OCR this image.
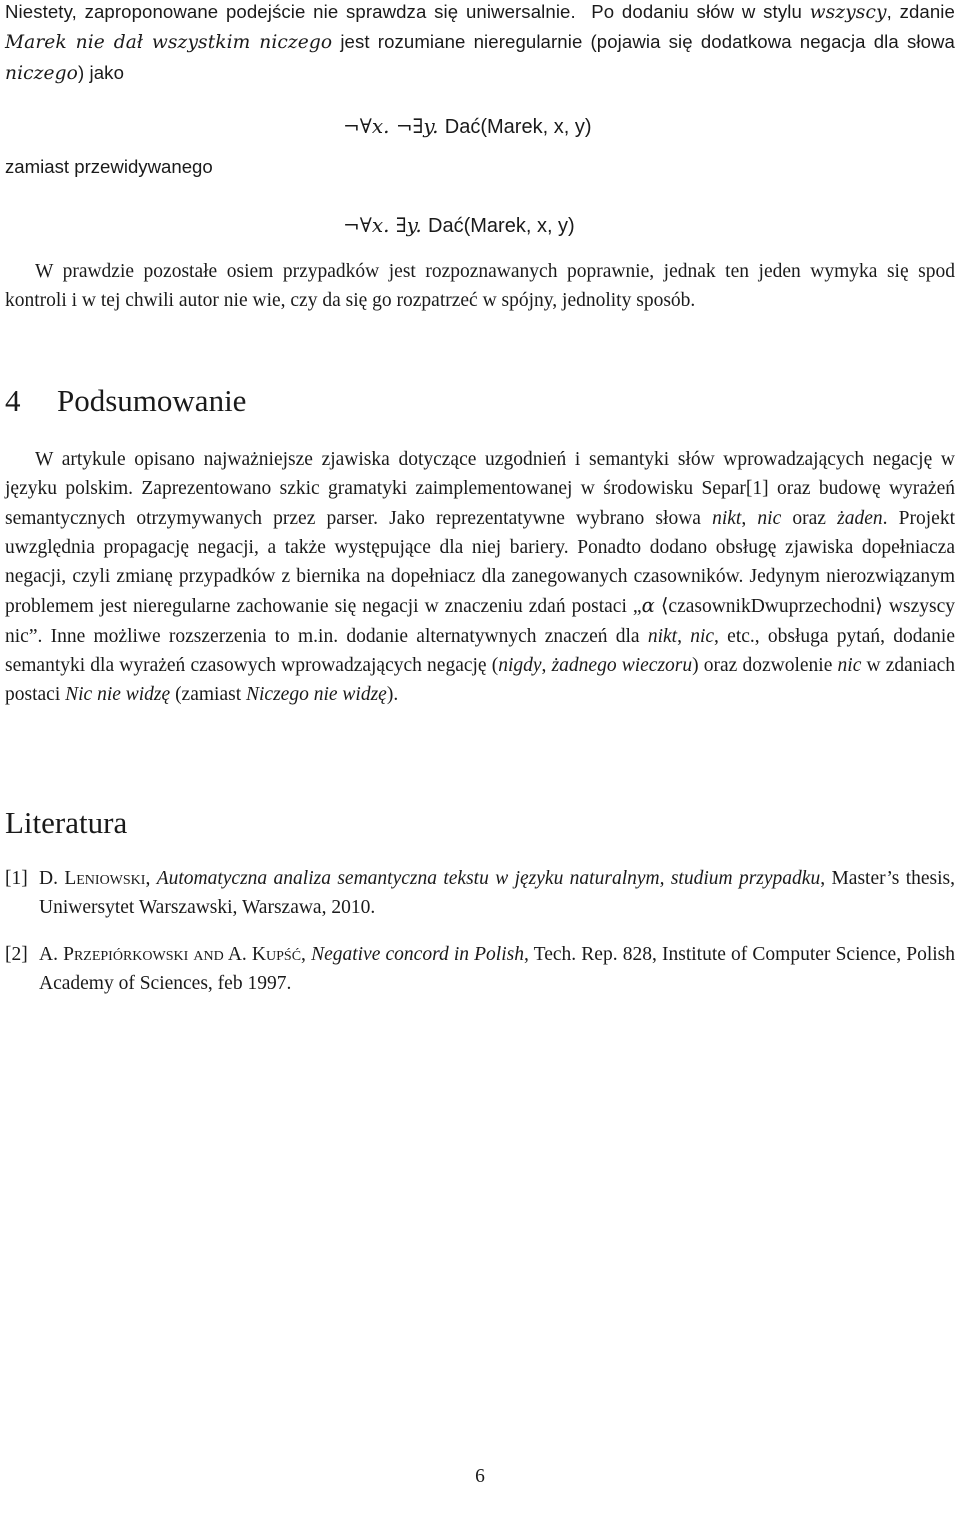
Niestety, zaproponowane podejście nie sprawdza się uniwersalnie. Po dodaniu słów w stylu wszyscy, zdanie Marek nie dał wszystkim niczego jest rozumiane nieregularnie (pojawia się dodatkowa negacja dla słowa niczego) jako

¬∀x. ¬∃y. Dać(Marek, x, y)
zamiast przewidywanego
¬∀x. ∃y. Dać(Marek, x, y)

W prawdzie pozostałe osiem przypadków jest rozpoznawanych poprawnie, jednak ten jeden wymyka się spod kontroli i w tej chwili autor nie wie, czy da się go rozpatrzeć w spójny, jednolity sposób.

4 Podsumowanie

W artykule opisano najważniejsze zjawiska dotyczące uzgodnień i semantyki słów wprowadzających negację w języku polskim. Zaprezentowano szkic gramatyki zaimplementowanej w środowisku Separ[1] oraz budowę wyrażeń semantycznych otrzymywanych przez parser. Jako reprezentatywne wybrano słowa nikt, nic oraz żaden. Projekt uwzględnia propagację negacji, a także występujące dla niej bariery. Ponadto dodano obsługę zjawiska dopełniacza negacji, czyli zmianę przypadków z biernika na dopełniacz dla zanegowanych czasowników. Jedynym nierozwiązanym problemem jest nieregularne zachowanie się negacji w znaczeniu zdań postaci „α ⟨czasownikDwuprzechodni⟩ wszyscy nic”. Inne możliwe rozszerzenia to m.in. dodanie alternatywnych znaczeń dla nikt, nic, etc., obsługa pytań, dodanie semantyki dla wyrażeń czasowych wprowadzających negację (nigdy, żadnego wieczoru) oraz dozwolenie nic w zdaniach postaci Nic nie widzę (zamiast Niczego nie widzę).

Literatura

[1] D. Leniowski, Automatyczna analiza semantyczna tekstu w języku naturalnym, studium przypadku, Master’s thesis, Uniwersytet Warszawski, Warszawa, 2010.

[2] A. Przepiórkowski and A. Kupść, Negative concord in Polish, Tech. Rep. 828, Institute of Computer Science, Polish Academy of Sciences, feb 1997.

6
